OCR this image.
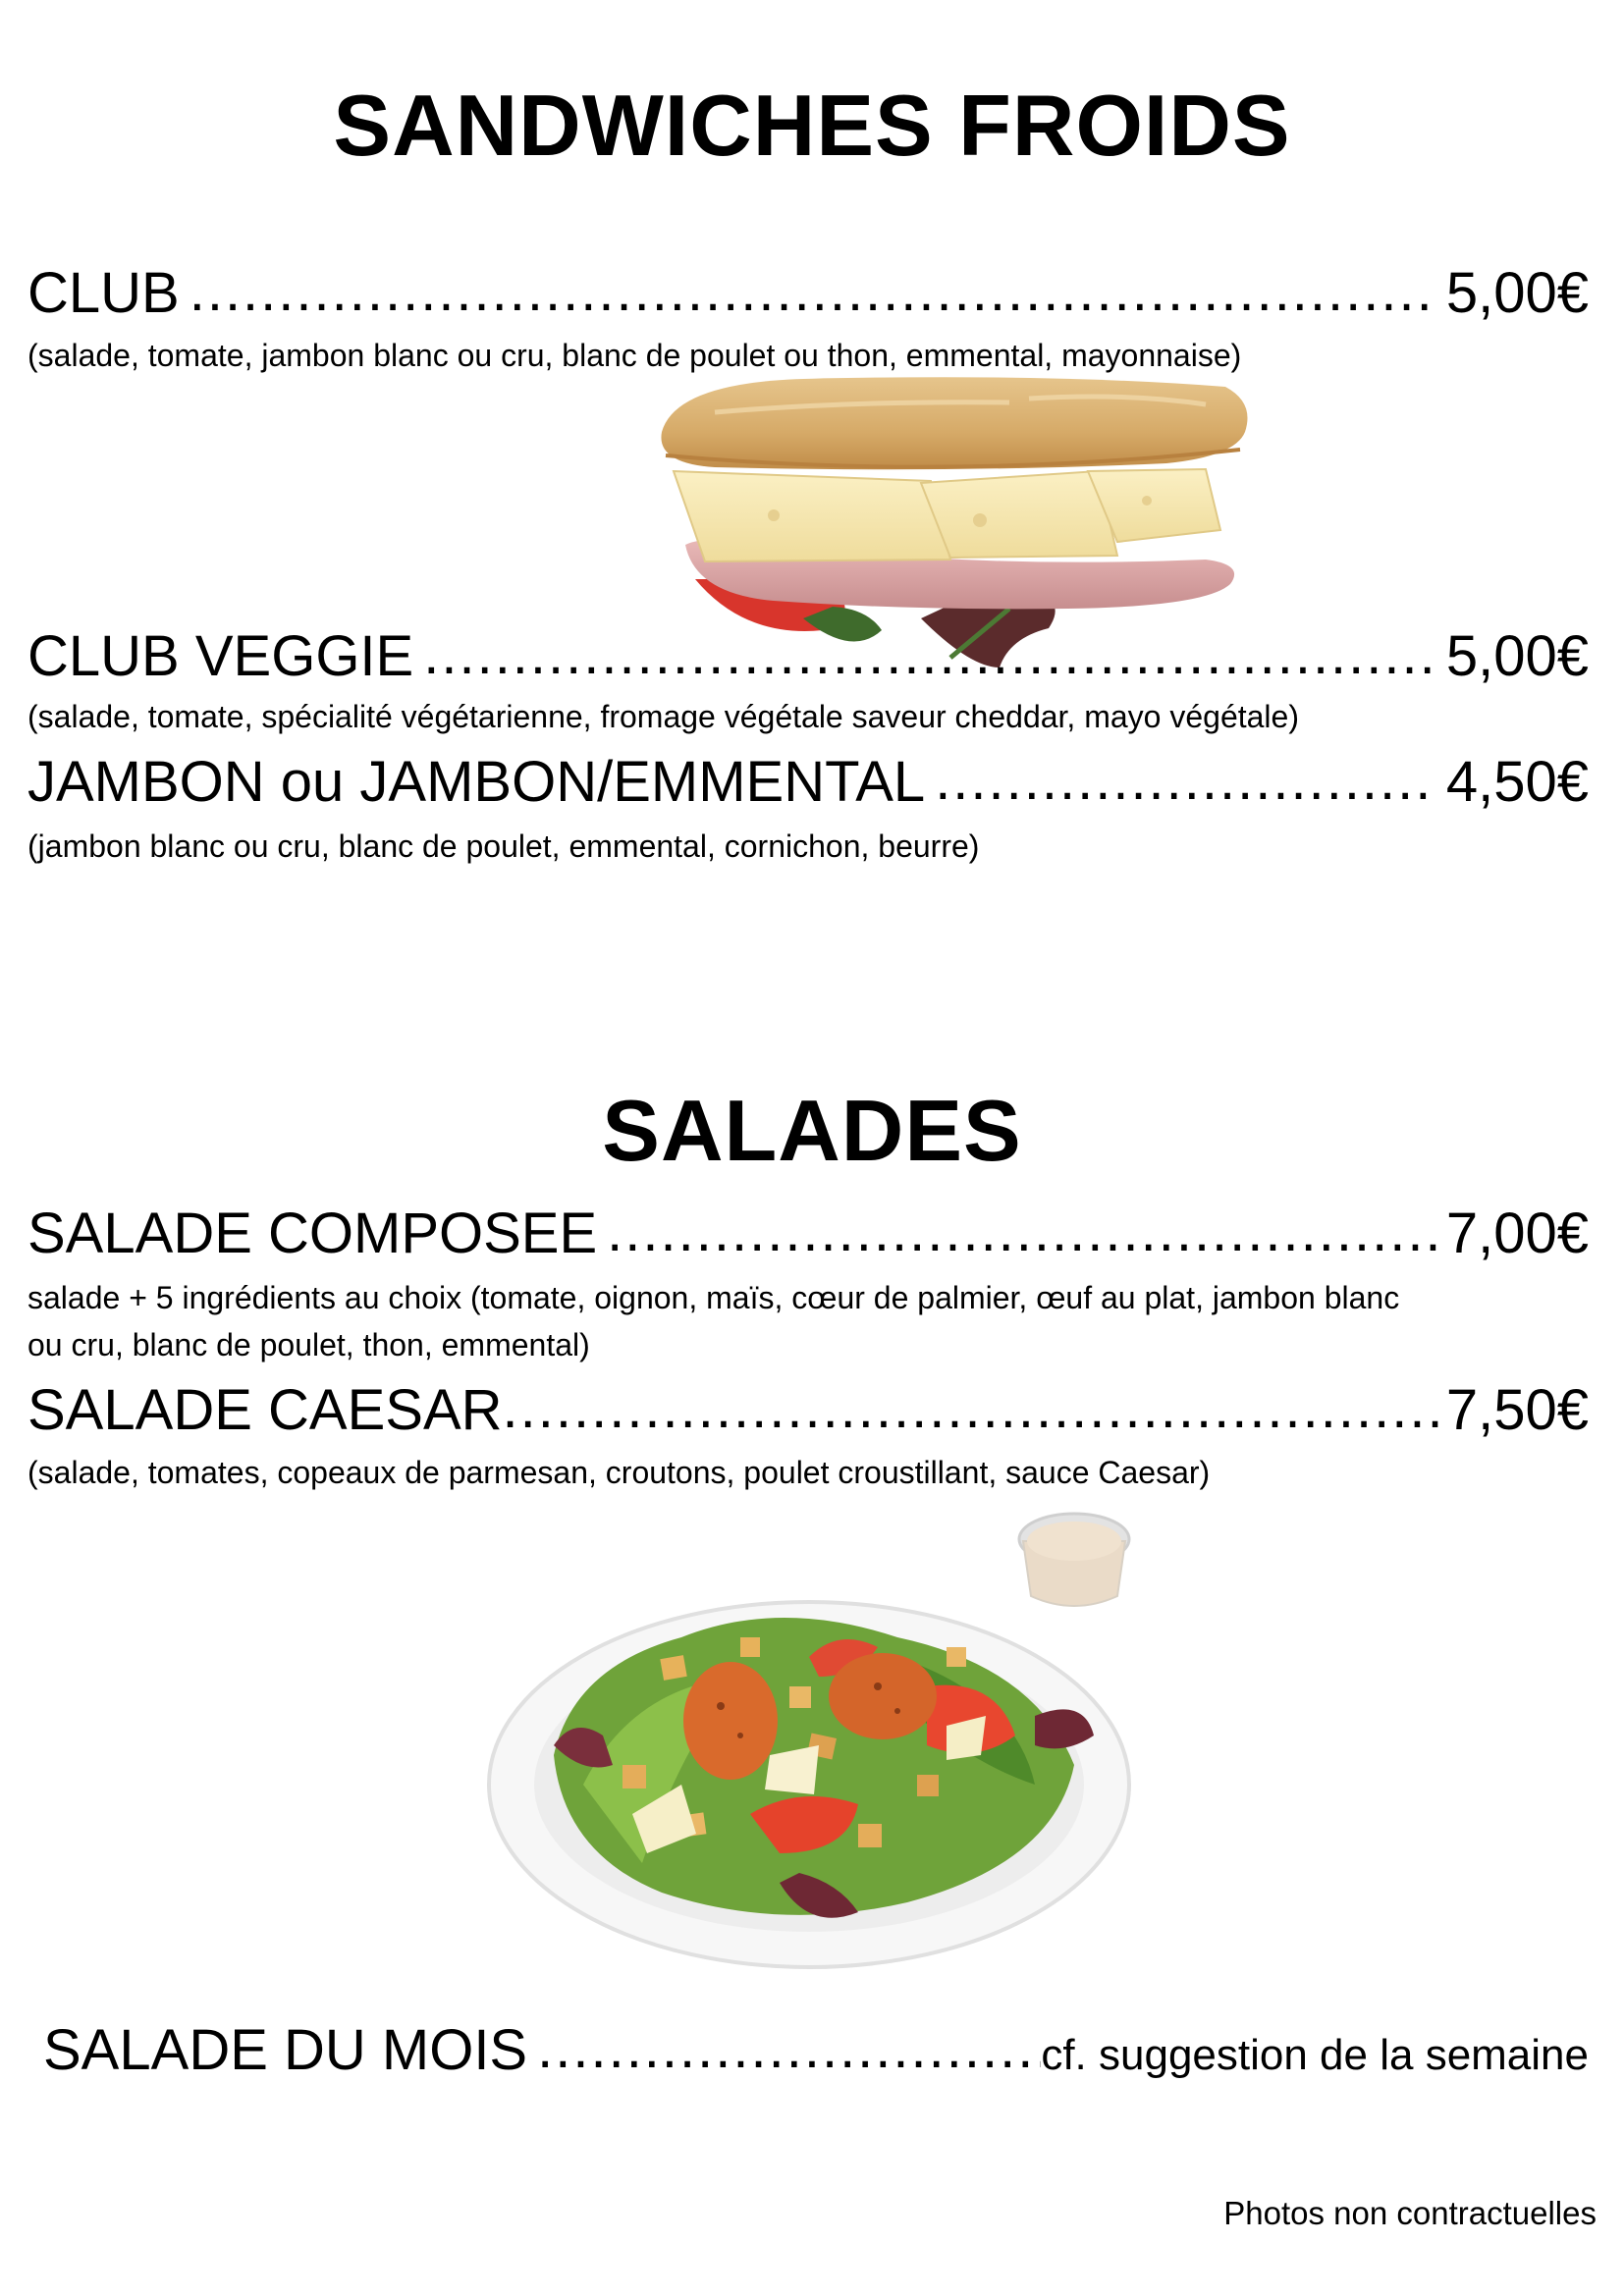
SANDWICHES FROIDS
CLUB .....	5,00€
(salade, tomate, jambon blanc ou cru, blanc de poulet ou thon, emmental, mayonnaise)
CLUB VEGGIE .....	5,00€
(salade, tomate, spécialité végétarienne, fromage végétale saveur cheddar, mayo végétale)
JAMBON ou JAMBON/EMMENTAL .....	4,50€
(jambon blanc ou cru, blanc de poulet, emmental, cornichon, beurre)
SALADES
SALADE COMPOSEE .....	7,00€
salade + 5 ingrédients au choix (tomate, oignon, maïs, cœur de palmier, œuf au plat, jambon blanc
ou cru, blanc de poulet, thon, emmental)
SALADE CAESAR .....	7,50€
(salade, tomates, copeaux de parmesan, croutons, poulet croustillant, sauce Caesar)
SALADE DU MOIS .....	cf. suggestion de la semaine
Photos non contractuelles
